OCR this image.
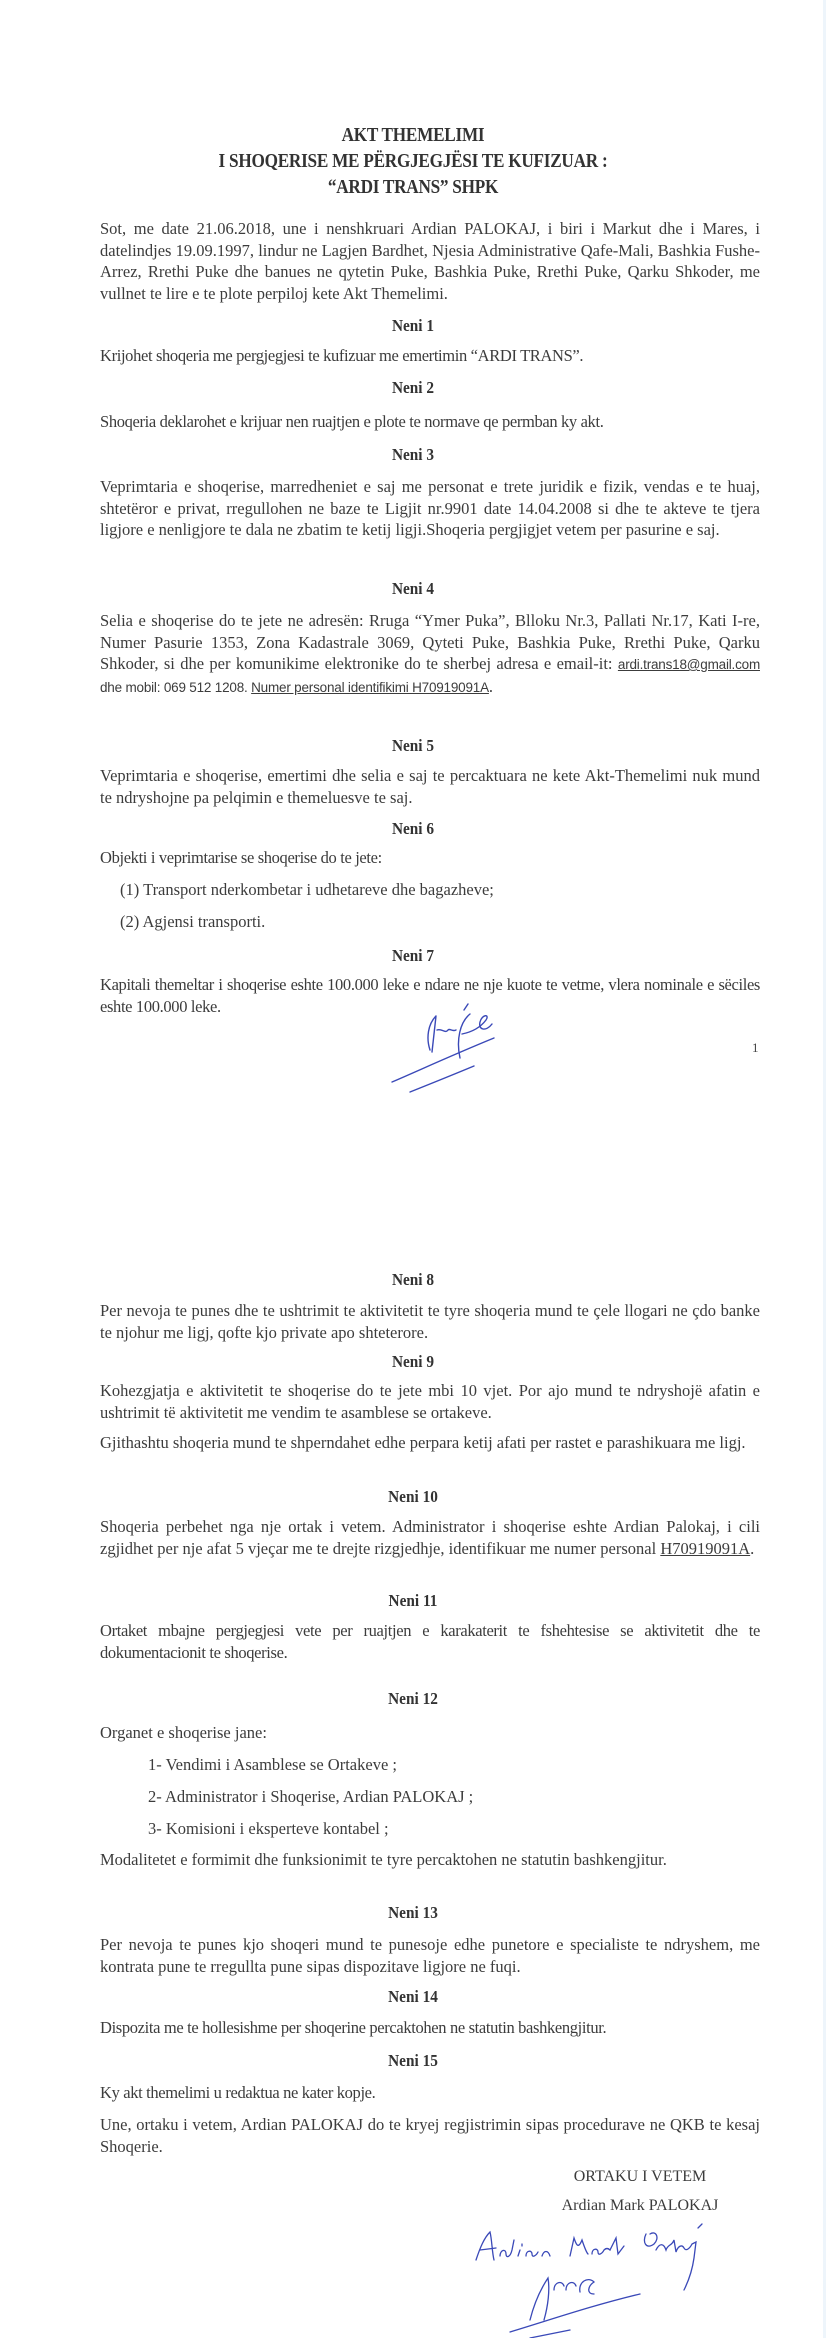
AKT THEMELIMI
I SHOQERISE ME PËRGJEGJËSI TE KUFIZUAR :
“ARDI TRANS” SHPK
Sot, me date 21.06.2018, une i nenshkruari Ardian PALOKAJ, i biri i Markut dhe i Mares, i datelindjes 19.09.1997, lindur ne Lagjen Bardhet, Njesia Administrative Qafe-Mali, Bashkia Fushe-Arrez, Rrethi Puke dhe banues ne qytetin Puke, Bashkia Puke, Rrethi Puke, Qarku Shkoder, me vullnet te lire e te plote perpiloj kete Akt Themelimi.
Neni 1
Krijohet shoqeria me pergjegjesi te kufizuar me emertimin “ARDI TRANS”.
Neni 2
Shoqeria deklarohet e krijuar nen ruajtjen e plote te normave qe permban ky akt.
Neni 3
Veprimtaria e shoqerise, marredheniet e saj me personat e trete juridik e fizik, vendas e te huaj, shtetëror e privat, rregullohen ne baze te Ligjit nr.9901 date 14.04.2008 si dhe te akteve te tjera ligjore e nenligjore te dala ne zbatim te ketij ligji.Shoqeria pergjigjet vetem per pasurine e saj.
Neni 4
Selia e shoqerise do te jete ne adresën: Rruga “Ymer Puka”, Blloku Nr.3, Pallati Nr.17, Kati I-re, Numer Pasurie 1353, Zona Kadastrale 3069, Qyteti Puke, Bashkia Puke, Rrethi Puke, Qarku Shkoder, si dhe per komunikime elektronike do te sherbej adresa e email-it: ardi.trans18@gmail.com dhe mobil: 069 512 1208. Numer personal identifikimi H70919091A.
Neni 5
Veprimtaria e shoqerise, emertimi dhe selia e saj te percaktuara ne kete Akt-Themelimi nuk mund te ndryshojne pa pelqimin e themeluesve te saj.
Neni 6
Objekti i veprimtarise se shoqerise do te jete:
(1) Transport nderkombetar i udhetareve dhe bagazheve;
(2) Agjensi transporti.
Neni 7
Kapitali themeltar i shoqerise eshte 100.000 leke e ndare ne nje kuote te vetme, vlera nominale e sëciles eshte 100.000 leke.
1
Neni 8
Per nevoja te punes dhe te ushtrimit te aktivitetit te tyre shoqeria mund te çele llogari ne çdo banke te njohur me ligj, qofte kjo private apo shteterore.
Neni 9
Kohezgjatja e aktivitetit te shoqerise do te jete mbi 10 vjet. Por ajo mund te ndryshojë afatin e ushtrimit të aktivitetit me vendim te asamblese se ortakeve.
Gjithashtu shoqeria mund te shperndahet edhe perpara ketij afati per rastet e parashikuara me ligj.
Neni 10
Shoqeria perbehet nga nje ortak i vetem. Administrator i shoqerise eshte Ardian Palokaj, i cili zgjidhet per nje afat 5 vjeçar me te drejte rizgjedhje, identifikuar me numer personal H70919091A.
Neni 11
Ortaket mbajne pergjegjesi vete per ruajtjen e karakaterit te fshehtesise se aktivitetit dhe te dokumentacionit te shoqerise.
Neni 12
Organet e shoqerise jane:
1- Vendimi i Asamblese se Ortakeve ;
2- Administrator i Shoqerise, Ardian PALOKAJ ;
3- Komisioni i eksperteve kontabel ;
Modalitetet e formimit dhe funksionimit te tyre percaktohen ne statutin bashkengjitur.
Neni 13
Per nevoja te punes kjo shoqeri mund te punesoje edhe punetore e specialiste te ndryshem, me kontrata pune te rregullta pune sipas dispozitave ligjore ne fuqi.
Neni 14
Dispozita me te hollesishme per shoqerine percaktohen ne statutin bashkengjitur.
Neni 15
Ky akt themelimi u redaktua ne kater kopje.
Une, ortaku i vetem, Ardian PALOKAJ do te kryej regjistrimin sipas procedurave ne QKB te kesaj Shoqerie.
ORTAKU I VETEM
Ardian Mark PALOKAJ
